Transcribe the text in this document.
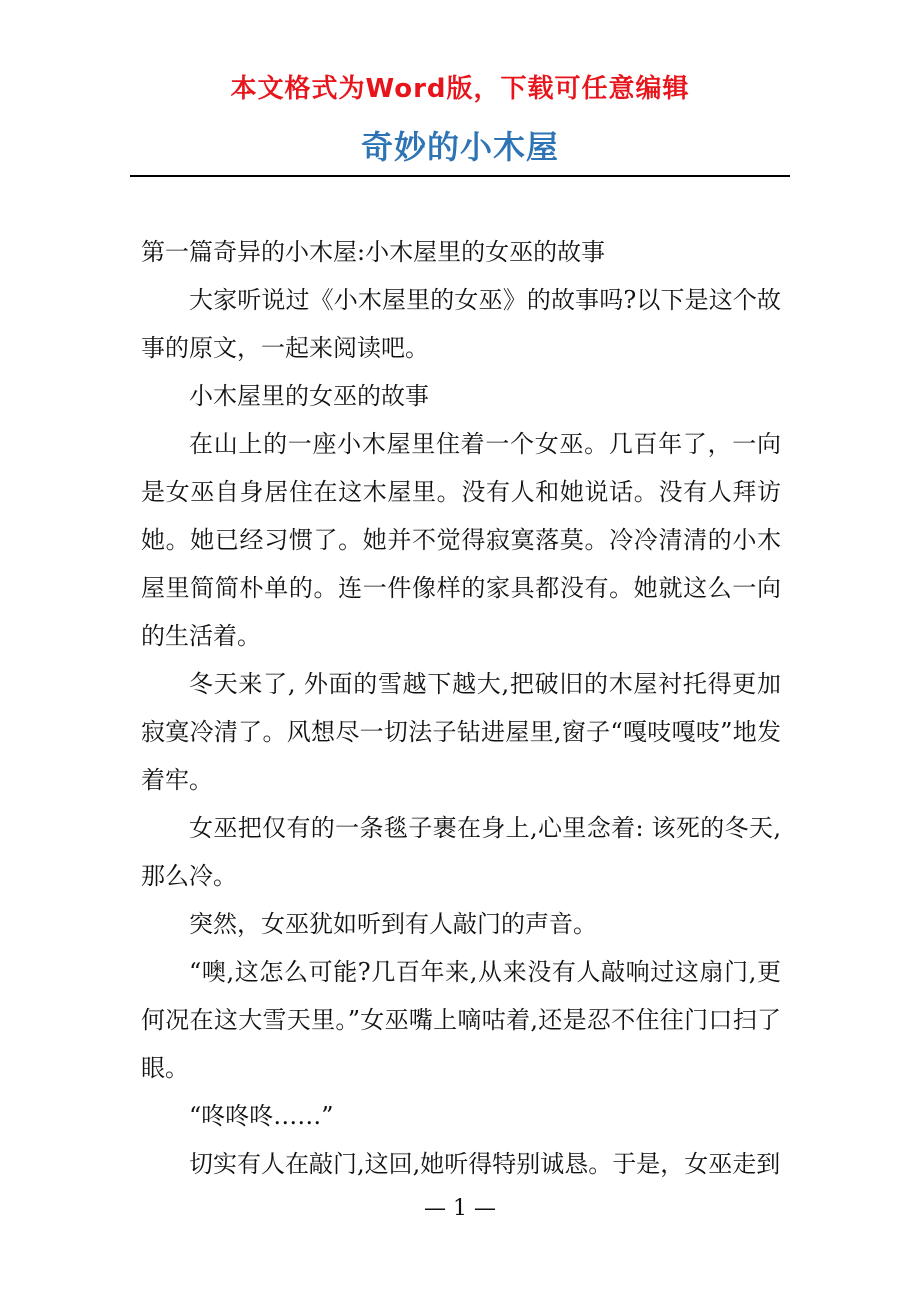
本文格式为Word版，下载可任意编辑
奇妙的小木屋

第一篇奇异的小木屋:小木屋里的女巫的故事

大家听说过《小木屋里的女巫》的故事吗?以下是这个故事的原文，一起来阅读吧。

小木屋里的女巫的故事

在山上的一座小木屋里住着一个女巫。几百年了，一向是女巫自身居住在这木屋里。没有人和她说话。没有人拜访她。她已经习惯了。她并不觉得寂寞落莫。冷冷清清的小木屋里简简朴单的。连一件像样的家具都没有。她就这么一向的生活着。

冬天来了, 外面的雪越下越大,把破旧的木屋衬托得更加寂寞冷清了。风想尽一切法子钻进屋里,窗子“嘎吱嘎吱”地发着牢。

女巫把仅有的一条毯子裹在身上,心里念着: 该死的冬天,那么冷。

突然，女巫犹如听到有人敲门的声音。

“噢,这怎么可能?几百年来,从来没有人敲响过这扇门,更何况在这大雪天里。”女巫嘴上嘀咕着,还是忍不住往门口扫了眼。

“咚咚咚……”

切实有人在敲门,这回,她听得特别诚恳。于是，女巫走到

— 1 —
